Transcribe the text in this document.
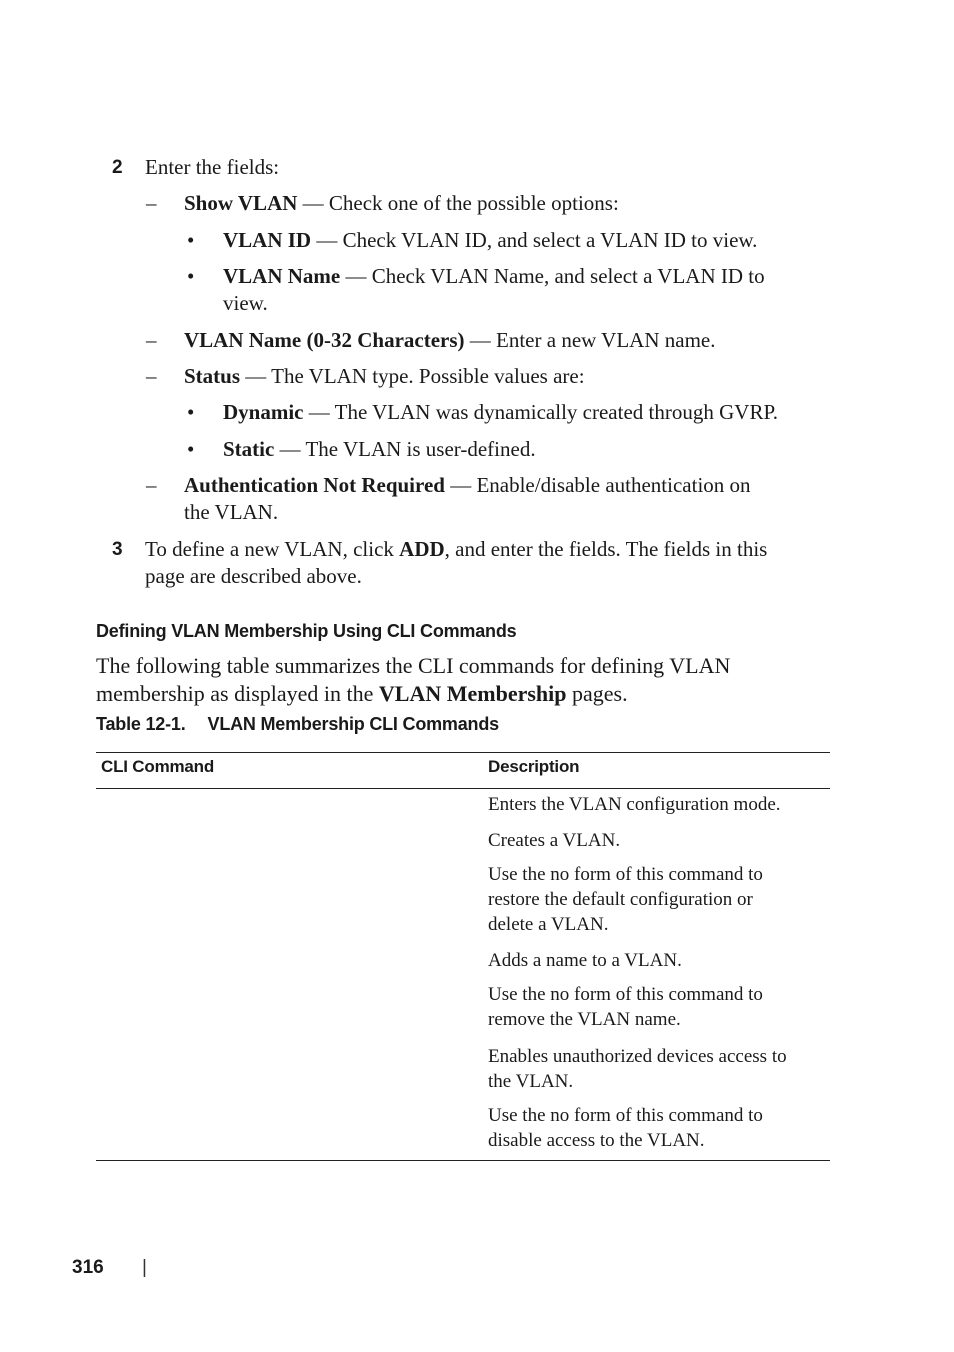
2 Enter the fields:
– Show VLAN — Check one of the possible options:
• VLAN ID — Check VLAN ID, and select a VLAN ID to view.
• VLAN Name — Check VLAN Name, and select a VLAN ID to
view.
– VLAN Name (0-32 Characters) — Enter a new VLAN name.
– Status — The VLAN type. Possible values are:
• Dynamic — The VLAN was dynamically created through GVRP.
• Static — The VLAN is user-defined.
– Authentication Not Required — Enable/disable authentication on
the VLAN.
3 To define a new VLAN, click ADD, and enter the fields. The fields in this
page are described above.
Defining VLAN Membership Using CLI Commands
The following table summarizes the CLI commands for defining VLAN
membership as displayed in the VLAN Membership pages.
Table 12-1. VLAN Membership CLI Commands
CLI Command	Description
Enters the VLAN configuration mode.
Creates a VLAN.
Use the no form of this command to
restore the default configuration or
delete a VLAN.
Adds a name to a VLAN.
Use the no form of this command to
remove the VLAN name.
Enables unauthorized devices access to
the VLAN.
Use the no form of this command to
disable access to the VLAN.
316 |
